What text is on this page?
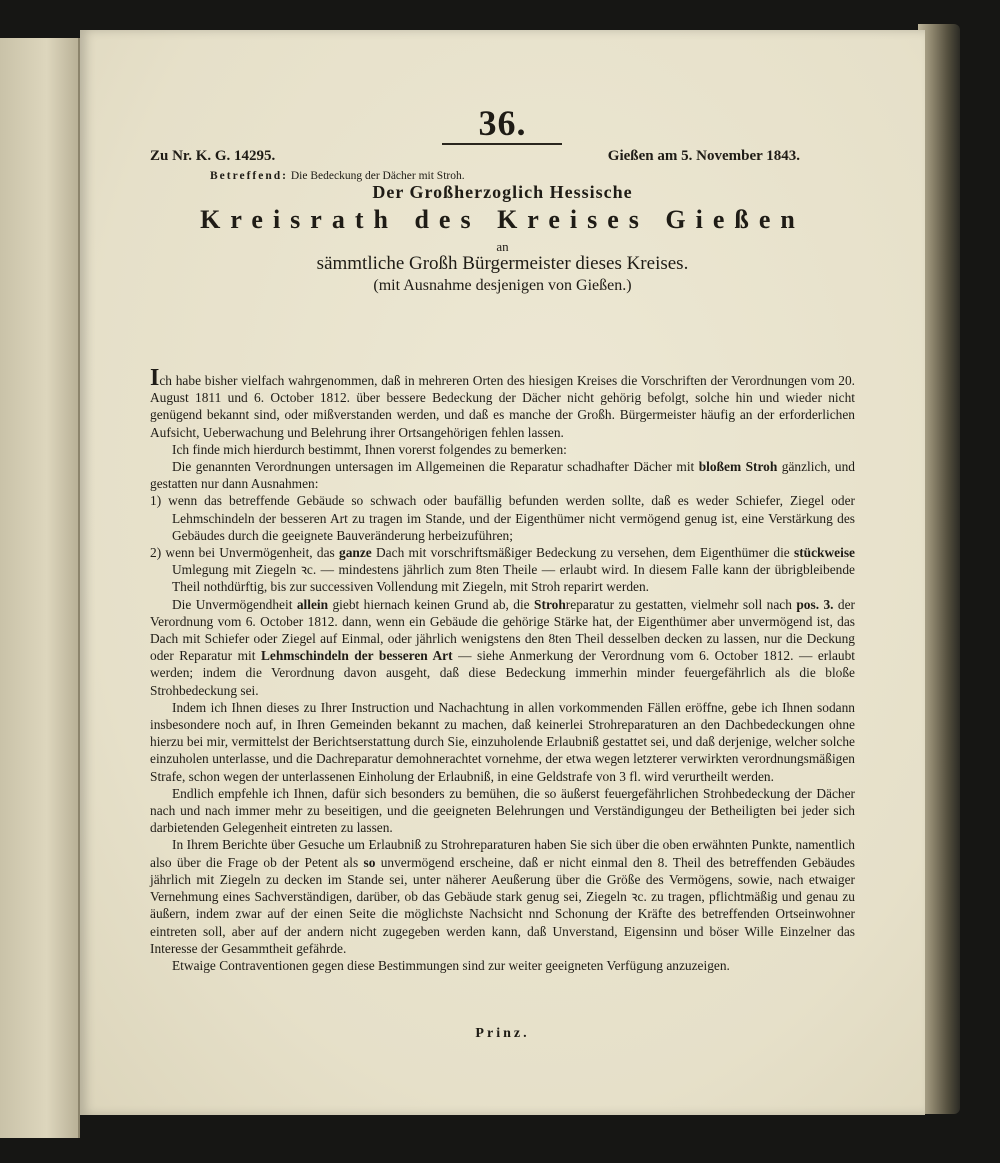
36.
Zu Nr. K. G. 14295.	Gießen am 5. November 1843.
Betreffend: Die Bedeckung der Dächer mit Stroh.
Der Großherzoglich Hessische
Kreisrath des Kreises Gießen
an
sämmtliche Großh Bürgermeister dieses Kreises.
(mit Ausnahme desjenigen von Gießen.)

Ich habe bisher vielfach wahrgenommen, daß in mehreren Orten des hiesigen Kreises die Vorschriften der Verordnungen vom 20. August 1811 und 6. October 1812. über bessere Bedeckung der Dächer nicht gehörig befolgt, solche hin und wieder nicht genügend bekannt sind, oder mißverstanden werden, und daß es manche der Großh. Bürgermeister häufig an der erforderlichen Aufsicht, Ueberwachung und Belehrung ihrer Ortsangehörigen fehlen lassen.

Ich finde mich hierdurch bestimmt, Ihnen vorerst folgendes zu bemerken:

Die genannten Verordnungen untersagen im Allgemeinen die Reparatur schadhafter Dächer mit bloßem Stroh gänzlich, und gestatten nur dann Ausnahmen:

1) wenn das betreffende Gebäude so schwach oder baufällig befunden werden sollte, daß es weder Schiefer, Ziegel oder Lehmschindeln der besseren Art zu tragen im Stande, und der Eigenthümer nicht vermögend genug ist, eine Verstärkung des Gebäudes durch die geeignete Bauveränderung herbeizuführen;

2) wenn bei Unvermögenheit, das ganze Dach mit vorschriftsmäßiger Bedeckung zu versehen, dem Eigenthümer die stückweise Umlegung mit Ziegeln ꝛc. — mindestens jährlich zum 8ten Theile — erlaubt wird. In diesem Falle kann der übrigbleibende Theil nothdürftig, bis zur successiven Vollendung mit Ziegeln, mit Stroh reparirt werden.

Die Unvermögendheit allein giebt hiernach keinen Grund ab, die Strohreparatur zu gestatten, vielmehr soll nach pos. 3. der Verordnung vom 6. October 1812. dann, wenn ein Gebäude die gehörige Stärke hat, der Eigenthümer aber unvermögend ist, das Dach mit Schiefer oder Ziegel auf Einmal, oder jährlich wenigstens den 8ten Theil desselben decken zu lassen, nur die Deckung oder Reparatur mit Lehmschindeln der besseren Art — siehe Anmerkung der Verordnung vom 6. October 1812. — erlaubt werden; indem die Verordnung davon ausgeht, daß diese Bedeckung immerhin minder feuergefährlich als die bloße Strohbedeckung sei.

Indem ich Ihnen dieses zu Ihrer Instruction und Nachachtung in allen vorkommenden Fällen eröffne, gebe ich Ihnen sodann insbesondere noch auf, in Ihren Gemeinden bekannt zu machen, daß keinerlei Strohreparaturen an den Dachbedeckungen ohne hierzu bei mir, vermittelst der Berichtserstattung durch Sie, einzuholende Erlaubniß gestattet sei, und daß derjenige, welcher solche einzuholen unterlasse, und die Dachreparatur demohnerachtet vornehme, der etwa wegen letzterer verwirkten verordnungsmäßigen Strafe, schon wegen der unterlassenen Einholung der Erlaubniß, in eine Geldstrafe von 3 fl. wird verurtheilt werden.

Endlich empfehle ich Ihnen, dafür sich besonders zu bemühen, die so äußerst feuergefährlichen Strohbedeckung der Dächer nach und nach immer mehr zu beseitigen, und die geeigneten Belehrungen und Verständigungeu der Betheiligten bei jeder sich darbietenden Gelegenheit eintreten zu lassen.

In Ihrem Berichte über Gesuche um Erlaubniß zu Strohreparaturen haben Sie sich über die oben erwähnten Punkte, namentlich also über die Frage ob der Petent als so unvermögend erscheine, daß er nicht einmal den 8. Theil des betreffenden Gebäudes jährlich mit Ziegeln zu decken im Stande sei, unter näherer Aeußerung über die Größe des Vermögens, sowie, nach etwaiger Vernehmung eines Sachverständigen, darüber, ob das Gebäude stark genug sei, Ziegeln ꝛc. zu tragen, pflichtmäßig und genau zu äußern, indem zwar auf der einen Seite die möglichste Nachsicht nnd Schonung der Kräfte des betreffenden Ortseinwohner eintreten soll, aber auf der andern nicht zugegeben werden kann, daß Unverstand, Eigensinn und böser Wille Einzelner das Interesse der Gesammtheit gefährde.

Etwaige Contraventionen gegen diese Bestimmungen sind zur weiter geeigneten Verfügung anzuzeigen.

Prinz.
